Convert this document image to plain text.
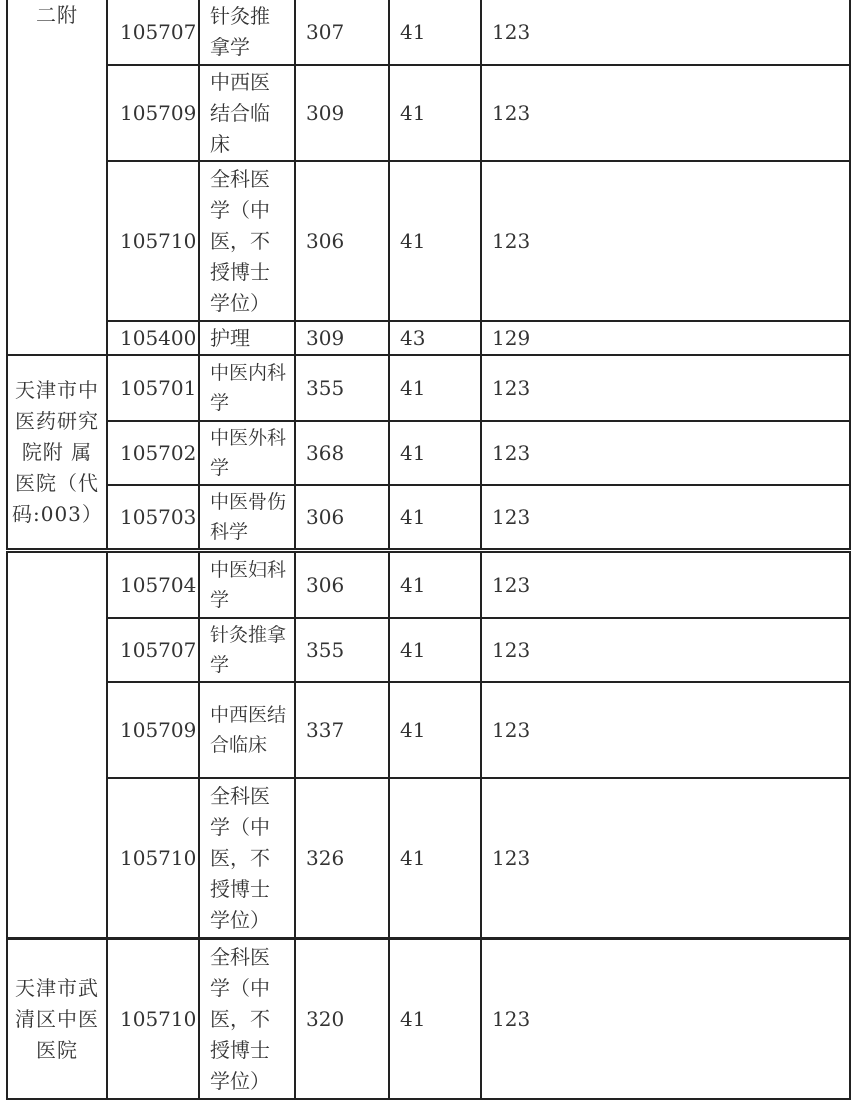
二附	105707	针灸推拿学	307	41	123
	105709	中西医结合临床	309	41	123
	105710	全科医学（中医，不授博士学位）	306	41	123
	105400	护理	309	43	129
天津市中医药研究院附 属医院（代码:003）	105701	中医内科学	355	41	123
	105702	中医外科学	368	41	123
	105703	中医骨伤科学	306	41	123
	105704	中医妇科学	306	41	123
	105707	针灸推拿学	355	41	123
	105709	中西医结合临床	337	41	123
	105710	全科医学（中医，不授博士学位）	326	41	123
天津市武清区中医医院	105710	全科医学（中医，不授博士学位）	320	41	123
